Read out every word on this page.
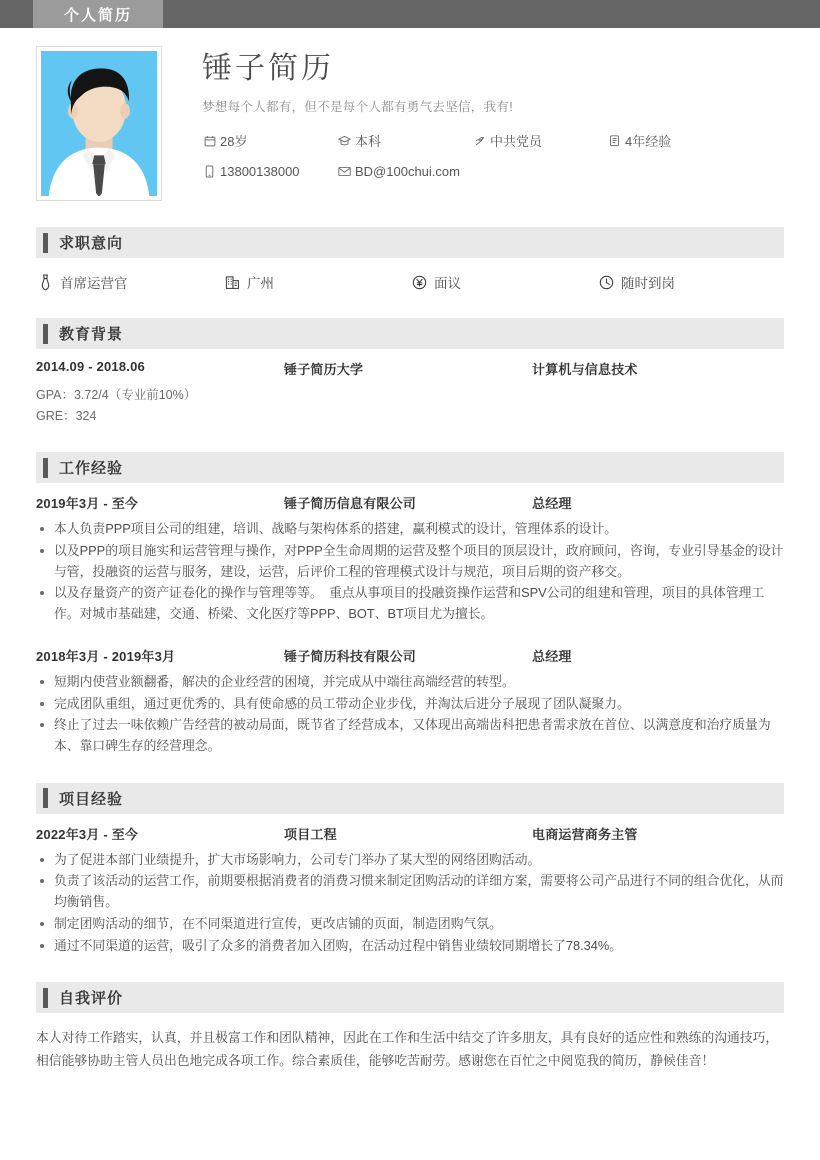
个人简历
锤子简历
梦想每个人都有，但不是每个人都有勇气去坚信，我有!
28岁	本科	中共党员	4年经验
13800138000	BD@100chui.com
求职意向
首席运营官	广州	面议	随时到岗
教育背景
2014.09 - 2018.06	锤子简历大学	计算机与信息技术
GPA：3.72/4（专业前10%）
GRE：324
工作经验
2019年3月 - 至今	锤子简历信息有限公司	总经理
本人负责PPP项目公司的组建，培训、战略与架构体系的搭建，赢利模式的设计，管理体系的设计。
以及PPP的项目施实和运营管理与操作，对PPP全生命周期的运营及整个项目的顶层设计，政府顾问，咨询，专业引导基金的设计与管，投融资的运营与服务，建设，运营，后评价工程的管理模式设计与规范，项目后期的资产移交。
以及存量资产的资产证卷化的操作与管理等等。　重点从事项目的投融资操作运营和SPV公司的组建和管理，项目的具体管理工作。对城市基础建，交通、桥梁、文化医疗等PPP、BOT、BT项目尤为擅长。
2018年3月 - 2019年3月	锤子简历科技有限公司	总经理
短期内使营业额翻番，解决的企业经营的困境，并完成从中端往高端经营的转型。
完成团队重组，通过更优秀的、具有使命感的员工带动企业步伐，并淘汰后进分子展现了团队凝聚力。
终止了过去一味依赖广告经营的被动局面，既节省了经营成本，又体现出高端齿科把患者需求放在首位、以满意度和治疗质量为本、靠口碑生存的经营理念。
项目经验
2022年3月 - 至今	项目工程	电商运营商务主管
为了促进本部门业绩提升，扩大市场影响力，公司专门举办了某大型的网络团购活动。
负责了该活动的运营工作，前期要根据消费者的消费习惯来制定团购活动的详细方案，需要将公司产品进行不同的组合优化，从而均衡销售。
制定团购活动的细节，在不同渠道进行宣传，更改店铺的页面，制造团购气氛。
通过不同渠道的运营，吸引了众多的消费者加入团购，在活动过程中销售业绩较同期增长了78.34%。
自我评价
本人对待工作踏实，认真，并且极富工作和团队精神，因此在工作和生活中结交了许多朋友，具有良好的适应性和熟练的沟通技巧，相信能够协助主管人员出色地完成各项工作。综合素质佳，能够吃苦耐劳。感谢您在百忙之中阅览我的简历，静候佳音！
